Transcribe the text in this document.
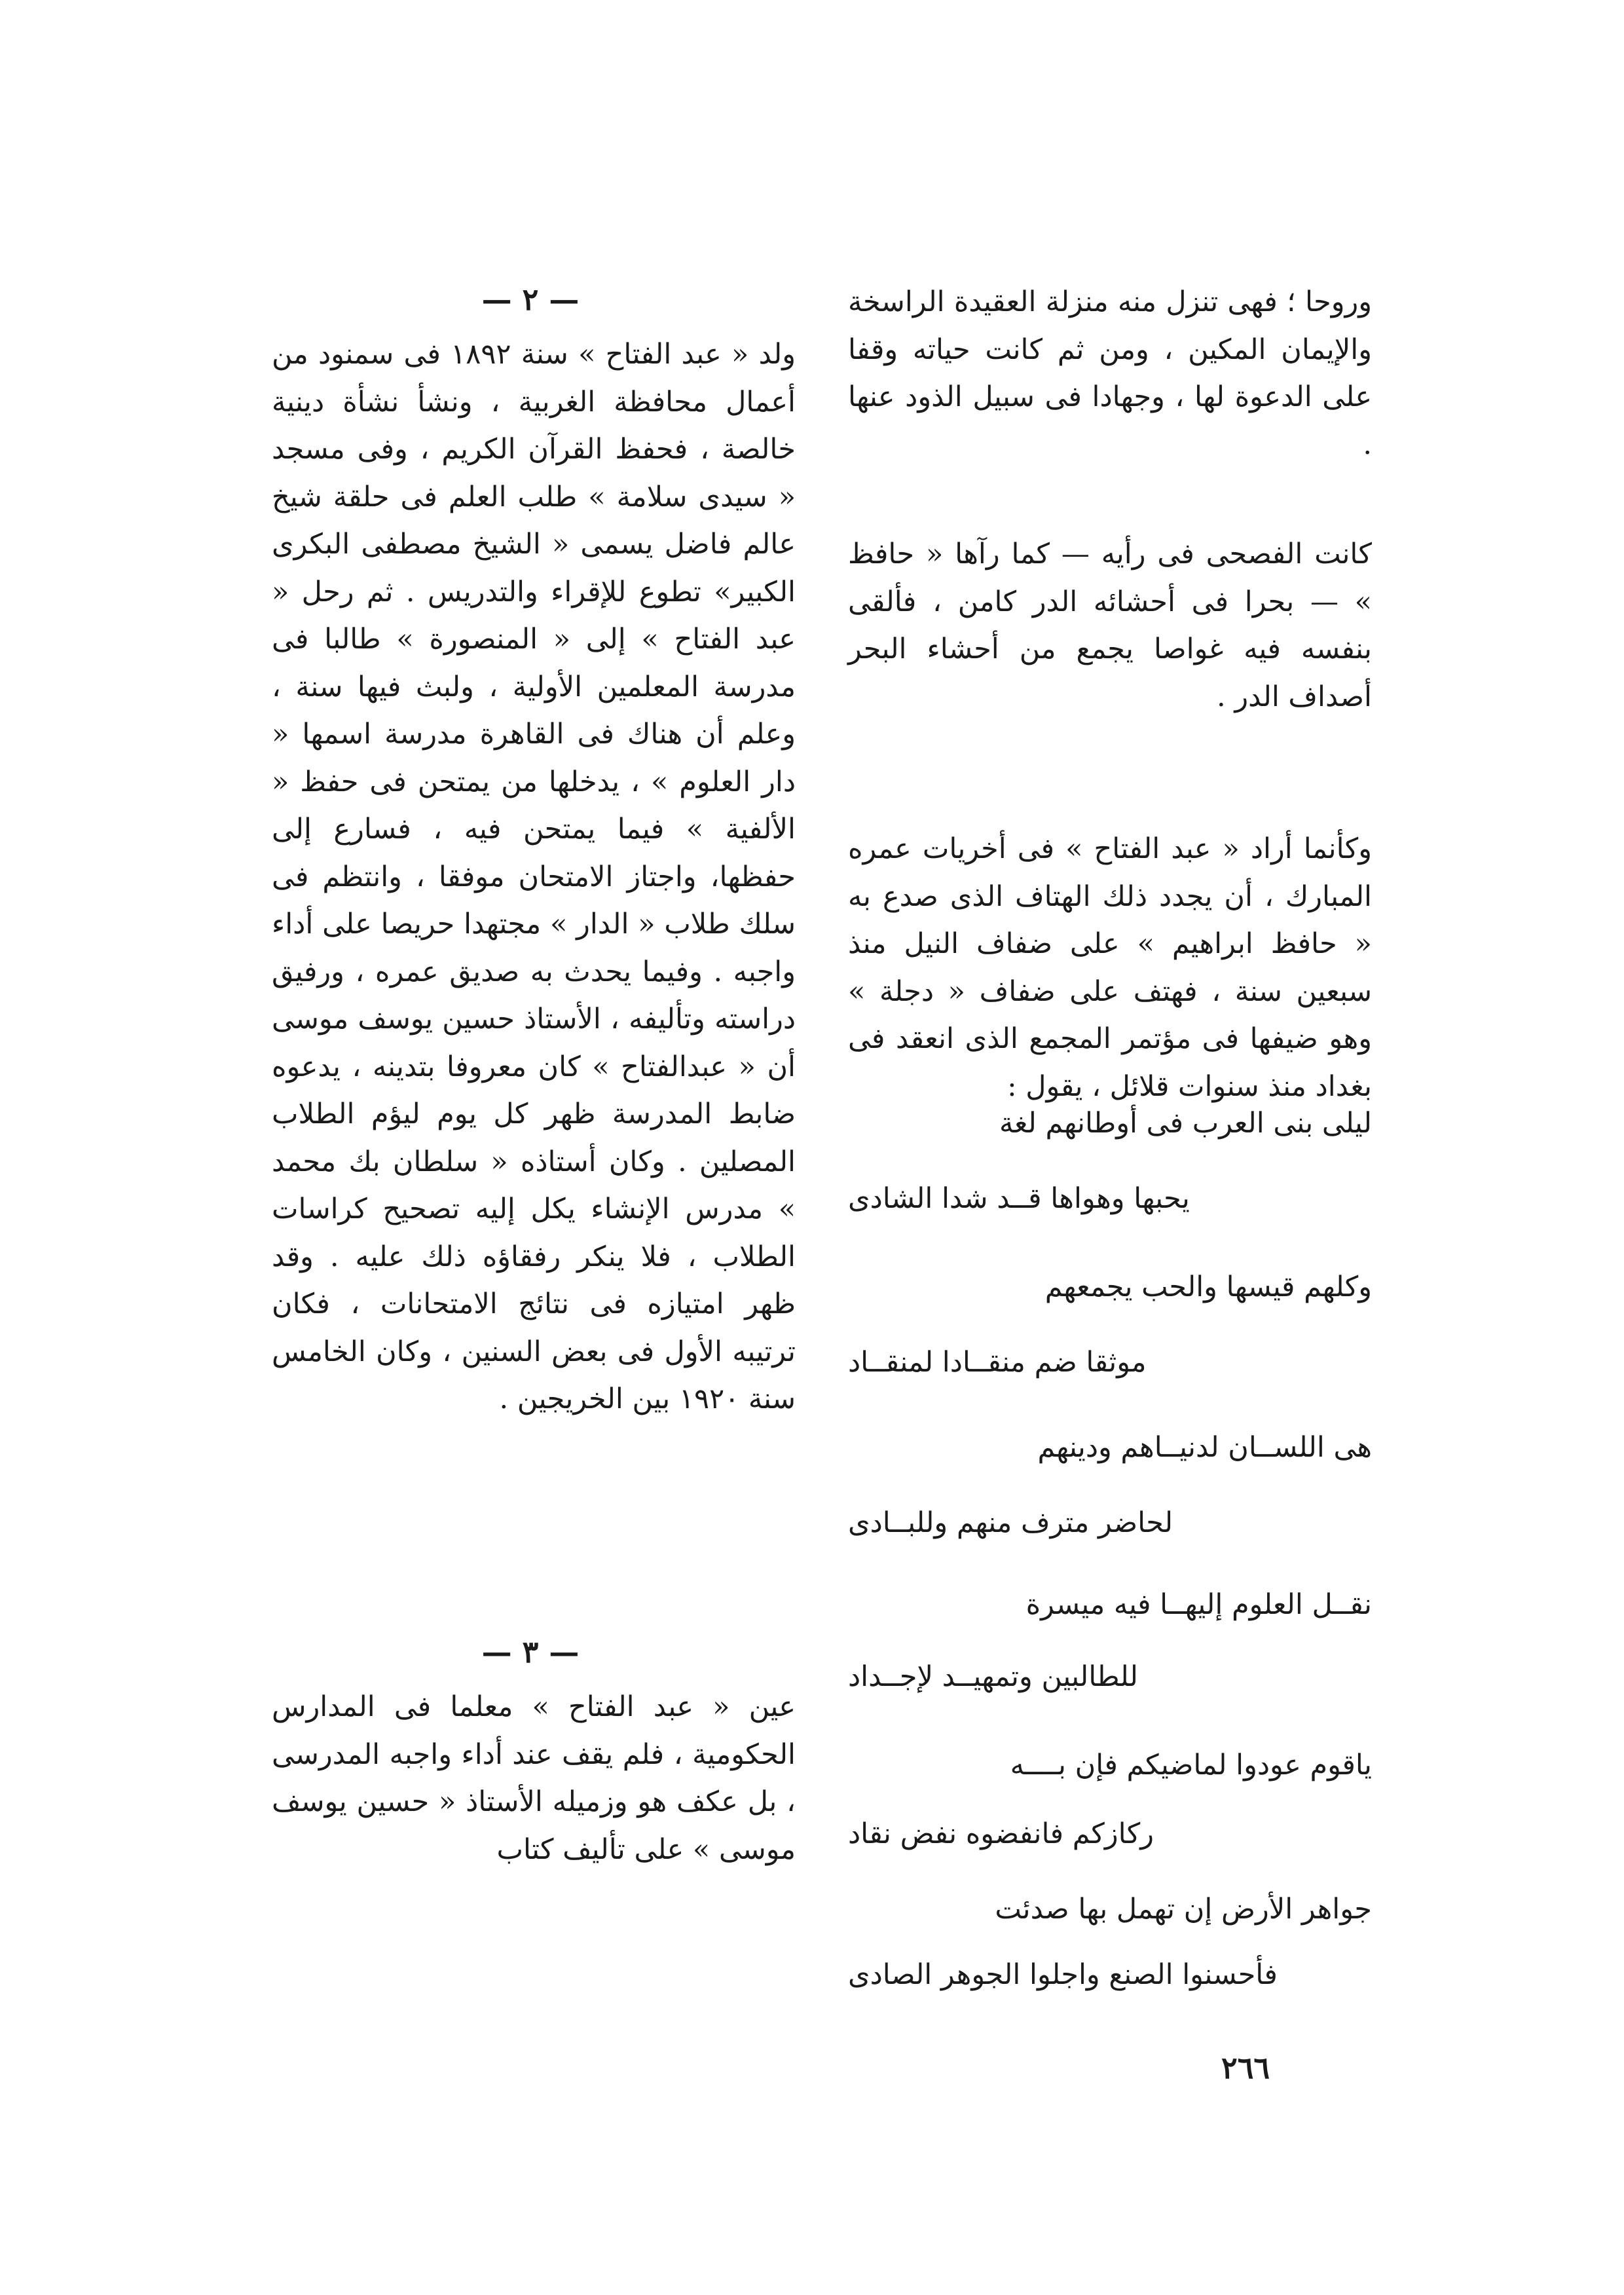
وروحا ؛ فهى تنزل منه منزلة العقيدة الراسخة والإيمان المكين ، ومن ثم كانت حياته وقفا على الدعوة لها ، وجهادا فى سبيل الذود عنها .

كانت الفصحى فى رأيه — كما رآها « حافظ » — بحرا فى أحشائه الدر كامن ، فألقى بنفسه فيه غواصا يجمع من أحشاء البحر أصداف الدر .

وكأنما أراد « عبد الفتاح » فى أخريات عمره المبارك ، أن يجدد ذلك الهتاف الذى صدع به « حافظ ابراهيم » على ضفاف النيل منذ سبعين سنة ، فهتف على ضفاف « دجلة » وهو ضيفها فى مؤتمر المجمع الذى انعقد فى بغداد منذ سنوات قلائل ، يقول :

ليلى بنى العرب فى أوطانهم لغة
يحبها وهواها قــد شدا الشادى
وكلهم قيسها والحب يجمعهم
موثقا ضم منقــادا لمنقــاد
هى اللســان لدنيــاهم ودينهم
لحاضر مترف منهم وللبــادى
نقــل العلوم إليهــا فيه ميسرة
للطالبين وتمهيــد لإجــداد
ياقوم عودوا لماضيكم فإن بــــه
ركازكم فانفضوه نفض نقاد
جواهر الأرض إن تهمل بها صدئت
فأحسنوا الصنع واجلوا الجوهر الصادى
— ٢ —

ولد « عبد الفتاح » سنة ١٨٩٢ فى سمنود من أعمال محافظة الغربية ، ونشأ نشأة دينية خالصة ، فحفظ القرآن الكريم ، وفى مسجد « سيدى سلامة » طلب العلم فى حلقة شيخ عالم فاضل يسمى « الشيخ مصطفى البكرى الكبير» تطوع للإقراء والتدريس . ثم رحل « عبد الفتاح » إلى « المنصورة » طالبا فى مدرسة المعلمين الأولية ، ولبث فيها سنة ، وعلم أن هناك فى القاهرة مدرسة اسمها « دار العلوم » ، يدخلها من يمتحن فى حفظ « الألفية » فيما يمتحن فيه ، فسارع إلى حفظها، واجتاز الامتحان موفقا ، وانتظم فى سلك طلاب « الدار » مجتهدا حريصا على أداء واجبه . وفيما يحدث به صديق عمره ، ورفيق دراسته وتأليفه ، الأستاذ حسين يوسف موسى أن « عبدالفتاح » كان معروفا بتدينه ، يدعوه ضابط المدرسة ظهر كل يوم ليؤم الطلاب المصلين . وكان أستاذه « سلطان بك محمد » مدرس الإنشاء يكل إليه تصحيح كراسات الطلاب ، فلا ينكر رفقاؤه ذلك عليه . وقد ظهر امتيازه فى نتائج الامتحانات ، فكان ترتيبه الأول فى بعض السنين ، وكان الخامس سنة ١٩٢٠ بين الخريجين .

— ٣ —

عين « عبد الفتاح » معلما فى المدارس الحكومية ، فلم يقف عند أداء واجبه المدرسى ، بل عكف هو وزميله الأستاذ « حسين يوسف موسى » على تأليف كتاب

٢٦٦
